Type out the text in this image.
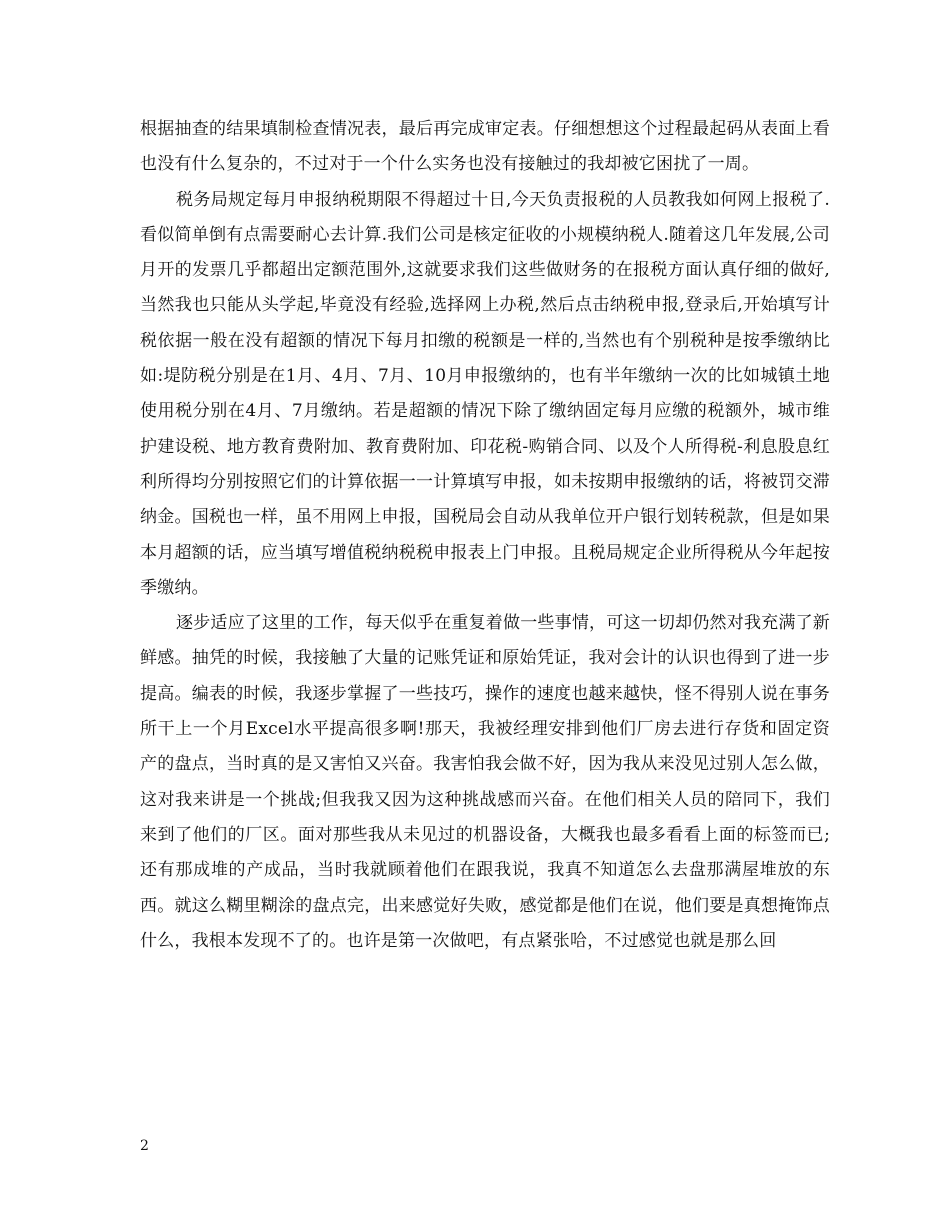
根据抽查的结果填制检查情况表，最后再完成审定表。仔细想想这个过程最起码从表面上看也没有什么复杂的，不过对于一个什么实务也没有接触过的我却被它困扰了一周。

税务局规定每月申报纳税期限不得超过十日,今天负责报税的人员教我如何网上报税了.看似简单倒有点需要耐心去计算.我们公司是核定征收的小规模纳税人.随着这几年发展,公司月开的发票几乎都超出定额范围外,这就要求我们这些做财务的在报税方面认真仔细的做好,当然我也只能从头学起,毕竟没有经验,选择网上办税,然后点击纳税申报,登录后,开始填写计税依据一般在没有超额的情况下每月扣缴的税额是一样的,当然也有个别税种是按季缴纳比如:堤防税分别是在1月、4月、7月、10月申报缴纳的，也有半年缴纳一次的比如城镇土地使用税分别在4月、7月缴纳。若是超额的情况下除了缴纳固定每月应缴的税额外，城市维护建设税、地方教育费附加、教育费附加、印花税-购销合同、以及个人所得税-利息股息红利所得均分别按照它们的计算依据一一计算填写申报，如未按期申报缴纳的话，将被罚交滞纳金。国税也一样，虽不用网上申报，国税局会自动从我单位开户银行划转税款，但是如果本月超额的话，应当填写增值税纳税税申报表上门申报。且税局规定企业所得税从今年起按季缴纳。

逐步适应了这里的工作，每天似乎在重复着做一些事情，可这一切却仍然对我充满了新鲜感。抽凭的时候，我接触了大量的记账凭证和原始凭证，我对会计的认识也得到了进一步提高。编表的时候，我逐步掌握了一些技巧，操作的速度也越来越快，怪不得别人说在事务所干上一个月Excel水平提高很多啊!那天，我被经理安排到他们厂房去进行存货和固定资产的盘点，当时真的是又害怕又兴奋。我害怕我会做不好，因为我从来没见过别人怎么做，这对我来讲是一个挑战;但我我又因为这种挑战感而兴奋。在他们相关人员的陪同下，我们来到了他们的厂区。面对那些我从未见过的机器设备，大概我也最多看看上面的标签而已;还有那成堆的产成品，当时我就顾着他们在跟我说，我真不知道怎么去盘那满屋堆放的东西。就这么糊里糊涂的盘点完，出来感觉好失败，感觉都是他们在说，他们要是真想掩饰点什么，我根本发现不了的。也许是第一次做吧，有点紧张哈，不过感觉也就是那么回

2
